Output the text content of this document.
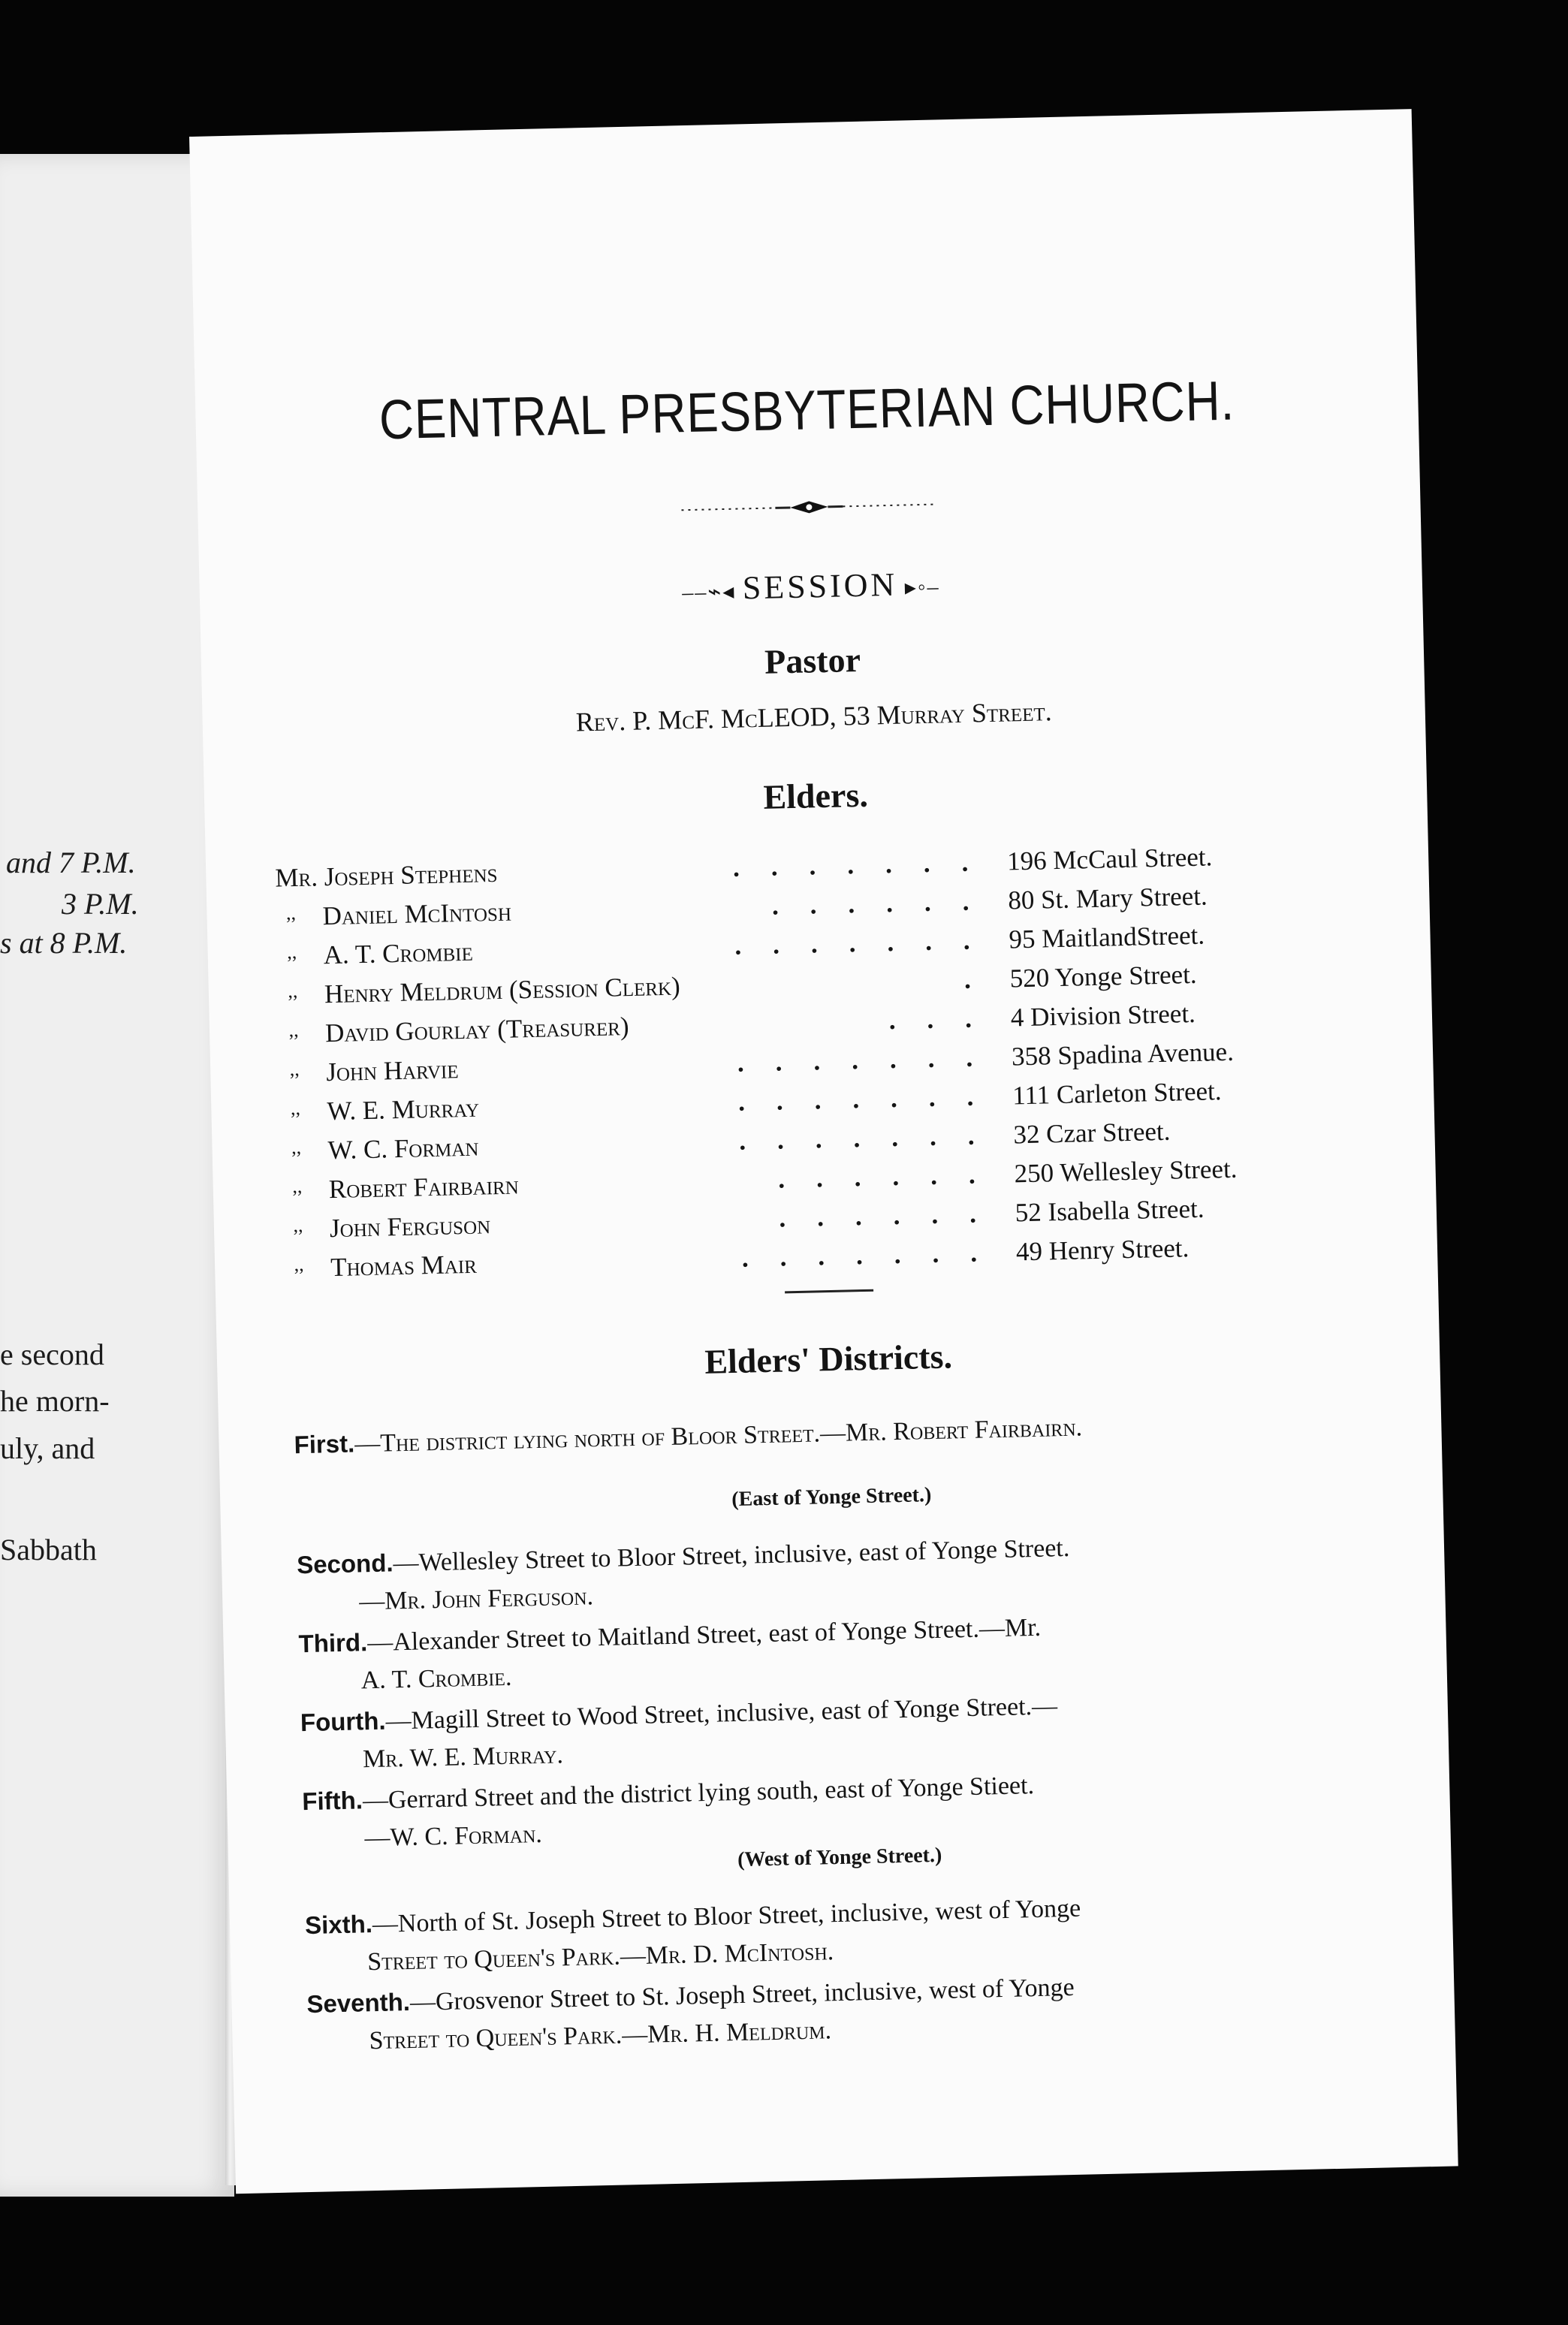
and 7 P.M.
3 P.M.
s at 8 P.M.
e second
he morn-
uly, and
Sabbath
CENTRAL PRESBYTERIAN CHURCH.
––⌁◂ SESSION ▸◦–
Pastor
Rev. P. McF. McLEOD, 53 Murray Street.
Elders.
Mr. Joseph Stephens	....... 196 McCaul Street.
,, Daniel McIntosh	...... 80 St. Mary Street.
,, A. T. Crombie	....... 95 MaitlandStreet.
,, Henry Meldrum (Session Clerk)	. 520 Yonge Street.
,, David Gourlay (Treasurer)	... 4 Division Street.
,, John Harvie	....... 358 Spadina Avenue.
,, W. E. Murray	....... 111 Carleton Street.
,, W. C. Forman	....... 32 Czar Street.
,, Robert Fairbairn	...... 250 Wellesley Street.
,, John Ferguson	...... 52 Isabella Street.
,, Thomas Mair	....... 49 Henry Street.
Elders' Districts.
First.—The district lying north of Bloor Street.—Mr. Robert Fairbairn.
(East of Yonge Street.)
Second.—Wellesley Street to Bloor Street, inclusive, east of Yonge Street.
—Mr. John Ferguson.
Third.—Alexander Street to Maitland Street, east of Yonge Street.—Mr.
A. T. Crombie.
Fourth.—Magill Street to Wood Street, inclusive, east of Yonge Street.—
Mr. W. E. Murray.
Fifth.—Gerrard Street and the district lying south, east of Yonge Stieet.
—W. C. Forman.
(West of Yonge Street.)
Sixth.—North of St. Joseph Street to Bloor Street, inclusive, west of Yonge
Street to Queen's Park.—Mr. D. McIntosh.
Seventh.—Grosvenor Street to St. Joseph Street, inclusive, west of Yonge
Street to Queen's Park.—Mr. H. Meldrum.
